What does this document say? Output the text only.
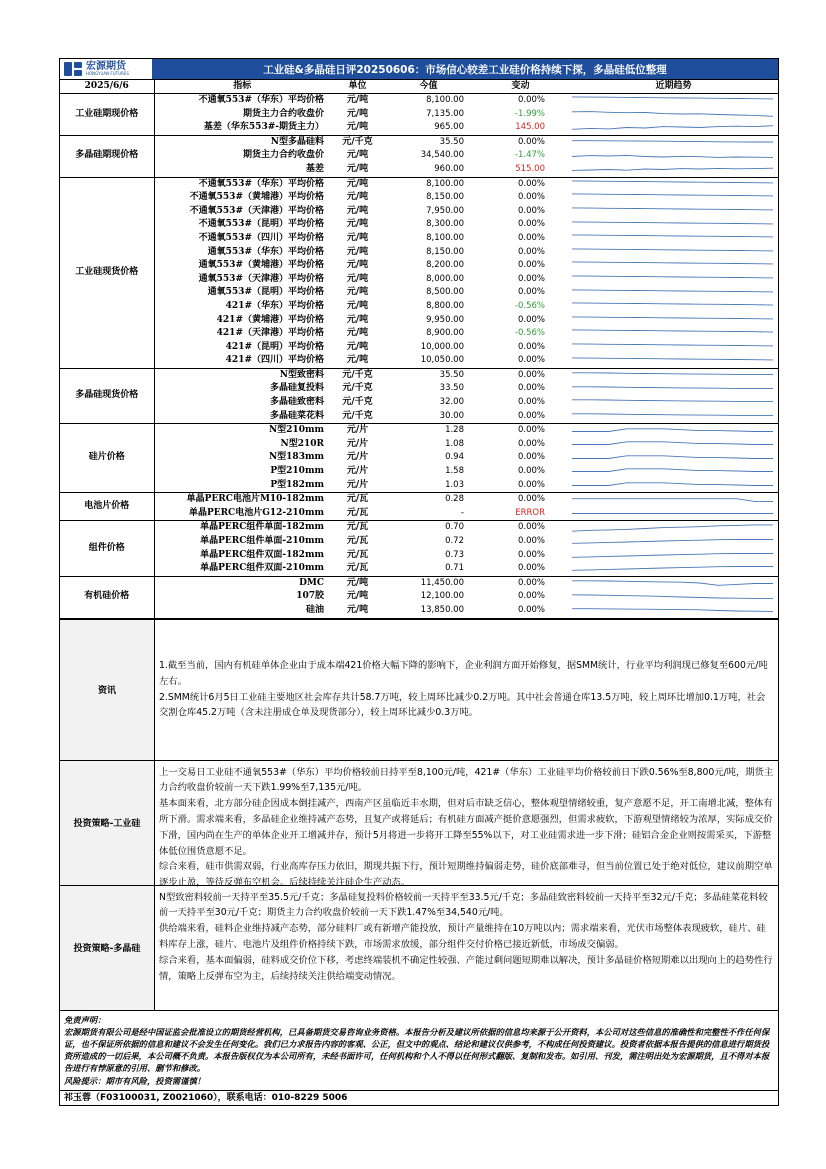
宏源期货
HONGYUAN FUTURES	工业硅&多晶硅日评20250606：市场信心较差工业硅价格持续下探，多晶硅低位整理
2025/6/6	指标	单位	今值	变动	近期趋势
工业硅期现价格	不通氧553#（华东）平均价格	元/吨	8,100.00	0.00%	

	期货主力合约收盘价	元/吨	7,135.00	-1.99%	

	基差（华东553#-期货主力）	元/吨	965.00	145.00	

多晶硅期现价格	N型多晶硅料	元/千克	35.50	0.00%	

	期货主力合约收盘价	元/吨	34,540.00	-1.47%	

	基差	元/吨	960.00	515.00	

工业硅现货价格	不通氧553#（华东）平均价格	元/吨	8,100.00	0.00%	

	不通氧553#（黄埔港）平均价格	元/吨	8,150.00	0.00%	

	不通氧553#（天津港）平均价格	元/吨	7,950.00	0.00%	

	不通氧553#（昆明）平均价格	元/吨	8,300.00	0.00%	

	不通氧553#（四川）平均价格	元/吨	8,100.00	0.00%	

	通氧553#（华东）平均价格	元/吨	8,150.00	0.00%	

	通氧553#（黄埔港）平均价格	元/吨	8,200.00	0.00%	

	通氧553#（天津港）平均价格	元/吨	8,000.00	0.00%	

	通氧553#（昆明）平均价格	元/吨	8,500.00	0.00%	

	421#（华东）平均价格	元/吨	8,800.00	-0.56%	

	421#（黄埔港）平均价格	元/吨	9,950.00	0.00%	

	421#（天津港）平均价格	元/吨	8,900.00	-0.56%	

	421#（昆明）平均价格	元/吨	10,000.00	0.00%	

	421#（四川）平均价格	元/吨	10,050.00	0.00%	

多晶硅现货价格	N型致密料	元/千克	35.50	0.00%	

	多晶硅复投料	元/千克	33.50	0.00%	

	多晶硅致密料	元/千克	32.00	0.00%	

	多晶硅菜花料	元/千克	30.00	0.00%	

硅片价格	N型210mm	元/片	1.28	0.00%	

	N型210R	元/片	1.08	0.00%	

	N型183mm	元/片	0.94	0.00%	

	P型210mm	元/片	1.58	0.00%	

	P型182mm	元/片	1.03	0.00%	

电池片价格	单晶PERC电池片M10-182mm	元/瓦	0.28	0.00%	

	单晶PERC电池片G12-210mm	元/瓦	-	ERROR	

组件价格	单晶PERC组件单面-182mm	元/瓦	0.70	0.00%	

	单晶PERC组件单面-210mm	元/瓦	0.72	0.00%	

	单晶PERC组件双面-182mm	元/瓦	0.73	0.00%	

	单晶PERC组件双面-210mm	元/瓦	0.71	0.00%	

有机硅价格	DMC	元/吨	11,450.00	0.00%	

	107胶	元/吨	12,100.00	0.00%	

	硅油	元/吨	13,850.00	0.00%	
资讯

1.截至当前，国内有机硅单体企业由于成本端421价格大幅下降的影响下，企业利润方面开始修复，据SMM统计，行业平均利润现已修复至600元/吨左右。

2.SMM统计6月5日工业硅主要地区社会库存共计58.7万吨，较上周环比减少0.2万吨。其中社会普通仓库13.5万吨，较上周环比增加0.1万吨，社会交割仓库45.2万吨（含未注册成仓单及现货部分），较上周环比减少0.3万吨。

投资策略-工业硅

上一交易日工业硅不通氧553#（华东）平均价格较前日持平至8,100元/吨，421#（华东）工业硅平均价格较前日下跌0.56%至8,800元/吨，期货主力合约收盘价较前一天下跌1.99%至7,135元/吨。

基本面来看，北方部分硅企因成本倒挂减产，西南产区虽临近丰水期，但对后市缺乏信心，整体观望情绪较重，复产意愿不足，开工南增北减，整体有所下滑。需求端来看，多晶硅企业维持减产态势，且复产或将延后；有机硅方面减产挺价意愿强烈，但需求疲软，下游观望情绪较为浓厚，实际成交价下滑，国内尚在生产的单体企业开工增减并存，预计5月将进一步将开工降至55%以下，对工业硅需求进一步下滑；硅铝合金企业则按需采买，下游整体低位围货意愿不足。

综合来看，硅市供需双弱，行业高库存压力依旧，期现共振下行，预计短期维持偏弱走势，硅价底部难寻，但当前位置已处于绝对低位，建议前期空单逐步止盈，等待反弹布空机会。后续持续关注硅企生产动态。

投资策略-多晶硅

N型致密料较前一天持平至35.5元/千克；多晶硅复投料价格较前一天持平至33.5元/千克；多晶硅致密料较前一天持平至32元/千克；多晶硅菜花料较前一天持平至30元/千克；期货主力合约收盘价较前一天下跌1.47%至34,540元/吨。

供给端来看，硅料企业维持减产态势，部分硅料厂或有新增产能投放，预计产量维持在10万吨以内；需求端来看，光伏市场整体表现疲软，硅片、硅料库存上涨，硅片、电池片及组件价格持续下跌，市场需求放缓，部分组件交付价格已接近新低，市场成交偏弱。

综合来看，基本面偏弱，硅料成交价位下移，考虑终端装机不确定性较强、产能过剩问题短期难以解决，预计多晶硅价格短期难以出现向上的趋势性行情，策略上反弹布空为主，后续持续关注供给端变动情况。

免责声明：

宏源期货有限公司是经中国证监会批准设立的期货经营机构，已具备期货交易咨询业务资格。本报告分析及建议所依据的信息均来源于公开资料，本公司对这些信息的准确性和完整性不作任何保证，也不保证所依据的信息和建议不会发生任何变化。我们已力求报告内容的客观、公正，但文中的观点、结论和建议仅供参考，不构成任何投资建议。投资者依据本报告提供的信息进行期货投资所造成的一切后果，本公司概不负责。本报告版权仅为本公司所有，未经书面许可，任何机构和个人不得以任何形式翻版、复制和发布。如引用、刊发，需注明出处为宏源期货，且不得对本报告进行有悖原意的引用、删节和修改。

风险提示：期市有风险，投资需谨慎！

祁玉蓉（F03100031, Z0021060），联系电话：010-8229 5006
